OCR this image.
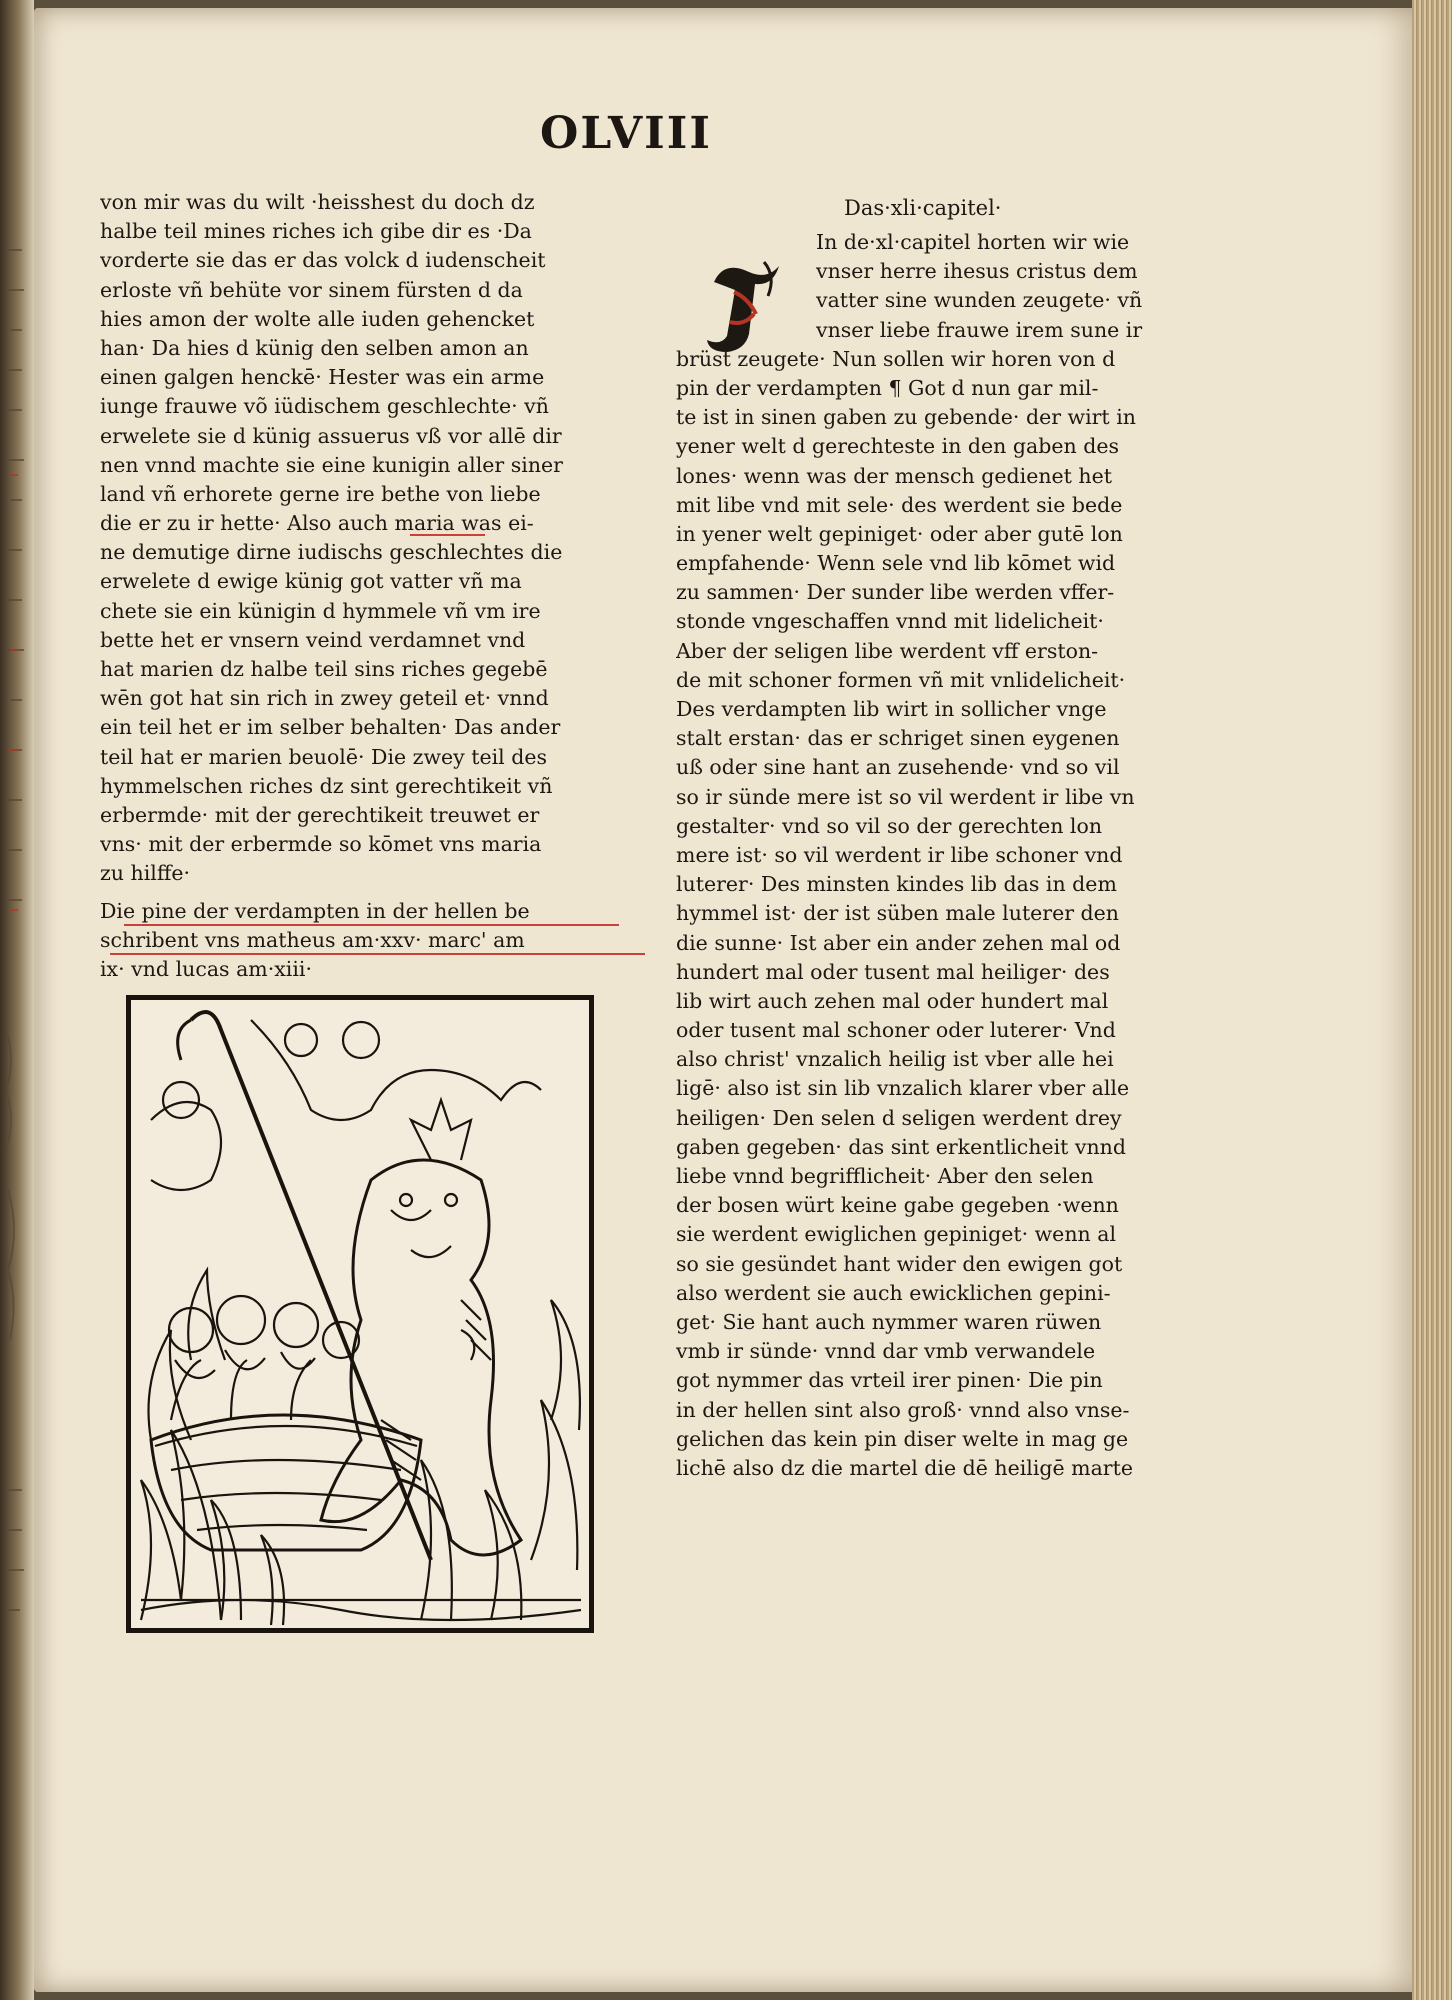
OLVIII
von mir was du wilt ·heisshest du doch dz
halbe teil mines riches ich gibe dir es ·Da
vorderte sie das er das volck d iudenscheit
erloste vñ behüte vor sinem fürsten d da
hies amon der wolte alle iuden gehencket
han· Da hies d künig den selben amon an
einen galgen henckē· Hester was ein arme
iunge frauwe võ iüdischem geschlechte· vñ
erwelete sie d künig assuerus vß vor allē dir
nen vnnd machte sie eine kunigin aller siner
land vñ erhorete gerne ire bethe von liebe
die er zu ir hette· Also auch maria was ei-
ne demutige dirne iudischs geschlechtes die
erwelete d ewige künig got vatter vñ ma
chete sie ein künigin d hymmele vñ vm ire
bette het er vnsern veind verdamnet vnd
hat marien dz halbe teil sins riches gegebē
wēn got hat sin rich in zwey geteil et· vnnd
ein teil het er im selber behalten· Das ander
teil hat er marien beuolē· Die zwey teil des
hymmelschen riches dz sint gerechtikeit vñ
erbermde· mit der gerechtikeit treuwet er
vns· mit der erbermde so kōmet vns maria
zu hilffe·
Die pine der verdampten in der hellen be
schribent vns matheus am·xxv· marc' am
ix· vnd lucas am·xiii·
Das·xli·capitel·
In de·xl·capitel horten wir wie
vnser herre ihesus cristus dem
vatter sine wunden zeugete· vñ
vnser liebe frauwe irem sune ir
brüst zeugete· Nun sollen wir horen von d
pin der verdampten ¶ Got d nun gar mil-
te ist in sinen gaben zu gebende· der wirt in
yener welt d gerechteste in den gaben des
lones· wenn was der mensch gedienet het
mit libe vnd mit sele· des werdent sie bede
in yener welt gepiniget· oder aber gutē lon
empfahende· Wenn sele vnd lib kōmet wid
zu sammen· Der sunder libe werden vffer-
stonde vngeschaffen vnnd mit lidelicheit·
Aber der seligen libe werdent vff erston-
de mit schoner formen vñ mit vnlidelicheit·
Des verdampten lib wirt in sollicher vnge
stalt erstan· das er schriget sinen eygenen
uß oder sine hant an zusehende· vnd so vil
so ir sünde mere ist so vil werdent ir libe vn
gestalter· vnd so vil so der gerechten lon
mere ist· so vil werdent ir libe schoner vnd
luterer· Des minsten kindes lib das in dem
hymmel ist· der ist süben male luterer den
die sunne· Ist aber ein ander zehen mal od
hundert mal oder tusent mal heiliger· des
lib wirt auch zehen mal oder hundert mal
oder tusent mal schoner oder luterer· Vnd
also christ' vnzalich heilig ist vber alle hei
ligē· also ist sin lib vnzalich klarer vber alle
heiligen· Den selen d seligen werdent drey
gaben gegeben· das sint erkentlicheit vnnd
liebe vnnd begrifflicheit· Aber den selen
der bosen würt keine gabe gegeben ·wenn
sie werdent ewiglichen gepiniget· wenn al
so sie gesündet hant wider den ewigen got
also werdent sie auch ewicklichen gepini-
get· Sie hant auch nymmer waren rüwen
vmb ir sünde· vnnd dar vmb verwandele
got nymmer das vrteil irer pinen· Die pin
in der hellen sint also groß· vnnd also vnse-
gelichen das kein pin diser welte in mag ge
lichē also dz die martel die dē heiligē marte
